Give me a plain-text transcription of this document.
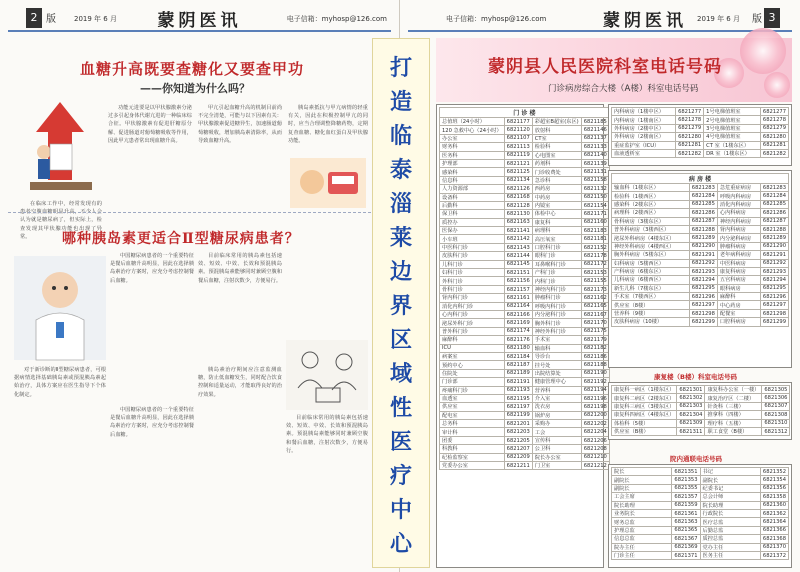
2 版	2019 年 6 月	蒙阴医讯	电子信箱：myhosp@126.com
血糖升高既要查糖化又要查甲功
——你知道为什么吗？

在临床工作中，经常发现有的患者空腹血糖明显升高，不少人会认为就是糖尿病了，但实际上，检查发现其甲状腺功能也出现了异常。

功能元进要是以甲状腺激素分泌过多引起身体代谢亢进的一种临床综合征。甲状腺激素有促进肝糖原分解、促进肠道对葡萄糖吸收等作用，因此甲亢患者常出现血糖升高。

甲亢引起血糖升高的机制目前尚不完全清楚，可能与以下因素有关：甲状腺激素促进糖异生，加速肠道葡萄糖吸收，增加胰岛素清除率，从而导致血糖升高。

胰岛素抵抗与甲亢病情的轻重有关，因此在积极控制甲亢的同时，应当合理调整降糖药物，定期复查血糖、糖化血红蛋白及甲状腺功能。

哪种胰岛素更适合Ⅱ型糖尿病患者？

中国糖尿病患者的一个重要特征是餐后血糖升高明显，因此在选择胰岛素治疗方案时，应充分考虑控制餐后血糖。

目前临床常用的胰岛素包括速效、短效、中效、长效和预混胰岛素。预混胰岛素能够同时兼顾空腹和餐后血糖，注射次数少，方便易行。

对于新诊断的Ⅱ型糖尿病患者，可根据病情选择基础胰岛素或预混胰岛素起始治疗，具体方案应在医生指导下个体化制定。

胰岛素治疗期间应注意监测血糖，防止低血糖发生，同时配合饮食控制和适量运动，才能取得良好的治疗效果。

目前临床常用的胰岛素包括速效、短效、中效、长效和预混胰岛素。预混胰岛素能够同时兼顾空腹和餐后血糖，注射次数少，方便易行。

中国糖尿病患者的一个重要特征是餐后血糖升高明显，因此在选择胰岛素治疗方案时，应充分考虑控制餐后血糖。

打
造
临
泰
淄
莱
边
界
区
域
性
医
疗
中
心
电子信箱：myhosp@126.com	蒙阴医讯	2019 年 6 月 版 3
蒙阴县人民医院科室电话号码
门诊病房综合大楼（A楼）科室电话号码
门 诊 楼			
总值班（24小时）	6821177	彩超室B超室(东区)	6821185
120 急救中心（24小时）	6821120	放射科	6821146
办公室	6821107	CT室	6821137
财务科	6821113	检验科	6821133
医务科	6821119	心电图室	6821140
护理部	6821121	药剂科	6821139
感染科	6821125	门诊收费处	6821131
信息科	6821134	急诊科	6821158
人力资源部	6821126	西药房	6821132
设备科	6821168	中药房	6821150
后勤科	6821128	内镜室	6821154
保卫科	6821130	体检中心	6821171
质控办	6821163	康复科	6821160
医保办	6821141	病理科	6821183
小车班	6821142	高压氧室	6821181
中医科门诊	6821143	口腔科门诊	6821152
皮肤科门诊	6821144	眼科门诊	6821178
儿科门诊	6821145	耳鼻喉科门诊	6821172
妇科门诊	6821151	产科门诊	6821153
外科门诊	6821156	内科门诊	6821155
骨科门诊	6821157	神经内科门诊	6821173
肾内科门诊	6821161	肿瘤科门诊	6821162
消化内科门诊	6821164	呼吸内科门诊	6821165
心内科门诊	6821166	内分泌科门诊	6821167
泌尿外科门诊	6821169	胸外科门诊	6821170
普外科门诊	6821174	神经外科门诊	6821175
麻醉科	6821176	手术室	6821179
ICU	6821180	输血科	6821182
病案室	6821184	导诊台	6821186
预约中心	6821187	挂号处	6821188
住院处	6821189	出院结算处	6821190
门诊部	6821191	健康管理中心	6821192
疼痛科门诊	6821193	营养科	6821194
血透室	6821195	介入室	6821196
供应室	6821197	洗衣房	6821198
配电室	6821199	锅炉房	6821200
总务科	6821201	采购办	6821202
审计科	6821203	工会	6821204
团委	6821205	宣传科	6821206
科教科	6821207	公卫科	6821208
纪检监察室	6821209	院长办公室	6821210
党委办公室	6821211	门卫室	6821212
内科病房（1楼中区）	6821277	1号电梯值班室	6821277
内科病房（1楼南区）	6821278	2号电梯值班室	6821278
外科病房（2楼中区）	6821279	3号电梯值班室	6821279
外科病房（2楼南区）	6821280	4号电梯值班室	6821280
重症监护室（ICU）	6821281	CT 室（1楼东区）	6821281
血液透析室	6821282	DR 室（1楼东区）	6821282
病 房 楼			
输血科（1楼东区）	6821283	急危重症病房	6821283
检验科（1楼西区）	6821284	呼吸内科病房	6821284
感染科（2楼东区）	6821285	消化内科病房	6821285
病理科（2楼西区）	6821286	心内科病房	6821286
骨科病房（3楼东区）	6821287	神经内科病房	6821287
普外科病房（3楼西区）	6821288	肾内科病房	6821288
泌尿外科病房（4楼东区）	6821289	内分泌科病房	6821289
神经外科病房（4楼西区）	6821290	肿瘤科病房	6821290
胸外科病房（5楼东区）	6821291	老年病科病房	6821291
妇科病房（5楼西区）	6821292	中医科病房	6821292
产科病房（6楼东区）	6821293	康复科病房	6821293
儿科病房（6楼西区）	6821294	五官科病房	6821294
新生儿科（7楼东区）	6821295	眼科病房	6821295
手术室（7楼西区）	6821296	麻醉科	6821296
供应室（8楼）	6821297	中心药房	6821297
营养科（9楼）	6821298	配餐室	6821298
皮肤科病房（10楼）	6821299	口腔科病房	6821299
康复楼（B楼）科室电话号码
康复科一病区（1楼东区）	6821301	康复科办公室（一楼）	6821305
康复科二病区（2楼东区）	6821302	康复治疗区（二楼）	6821306
康复科三病区（3楼东区）	6821303	针灸科（三楼）	6821307
康复科四病区（4楼东区）	6821304	推拿科（四楼）	6821308
体检科（5楼）	6821309	理疗科（五楼）	6821310
供应室（B楼）	6821311	职工食堂（B楼）	6821312
院内通联电话号码
院长	6821351	书记	6821352
副院长	6821353	副院长	6821354
副院长	6821355	纪委书记	6821356
工会主席	6821357	总会计师	6821358
院长助理	6821359	院长助理	6821360
业务院长	6821361	行政院长	6821362
财务总监	6821363	医疗总监	6821364
护理总监	6821365	后勤总监	6821366
信息总监	6821367	质控总监	6821368
院办主任	6821369	党办主任	6821370
门诊主任	6821371	医务主任	6821372
